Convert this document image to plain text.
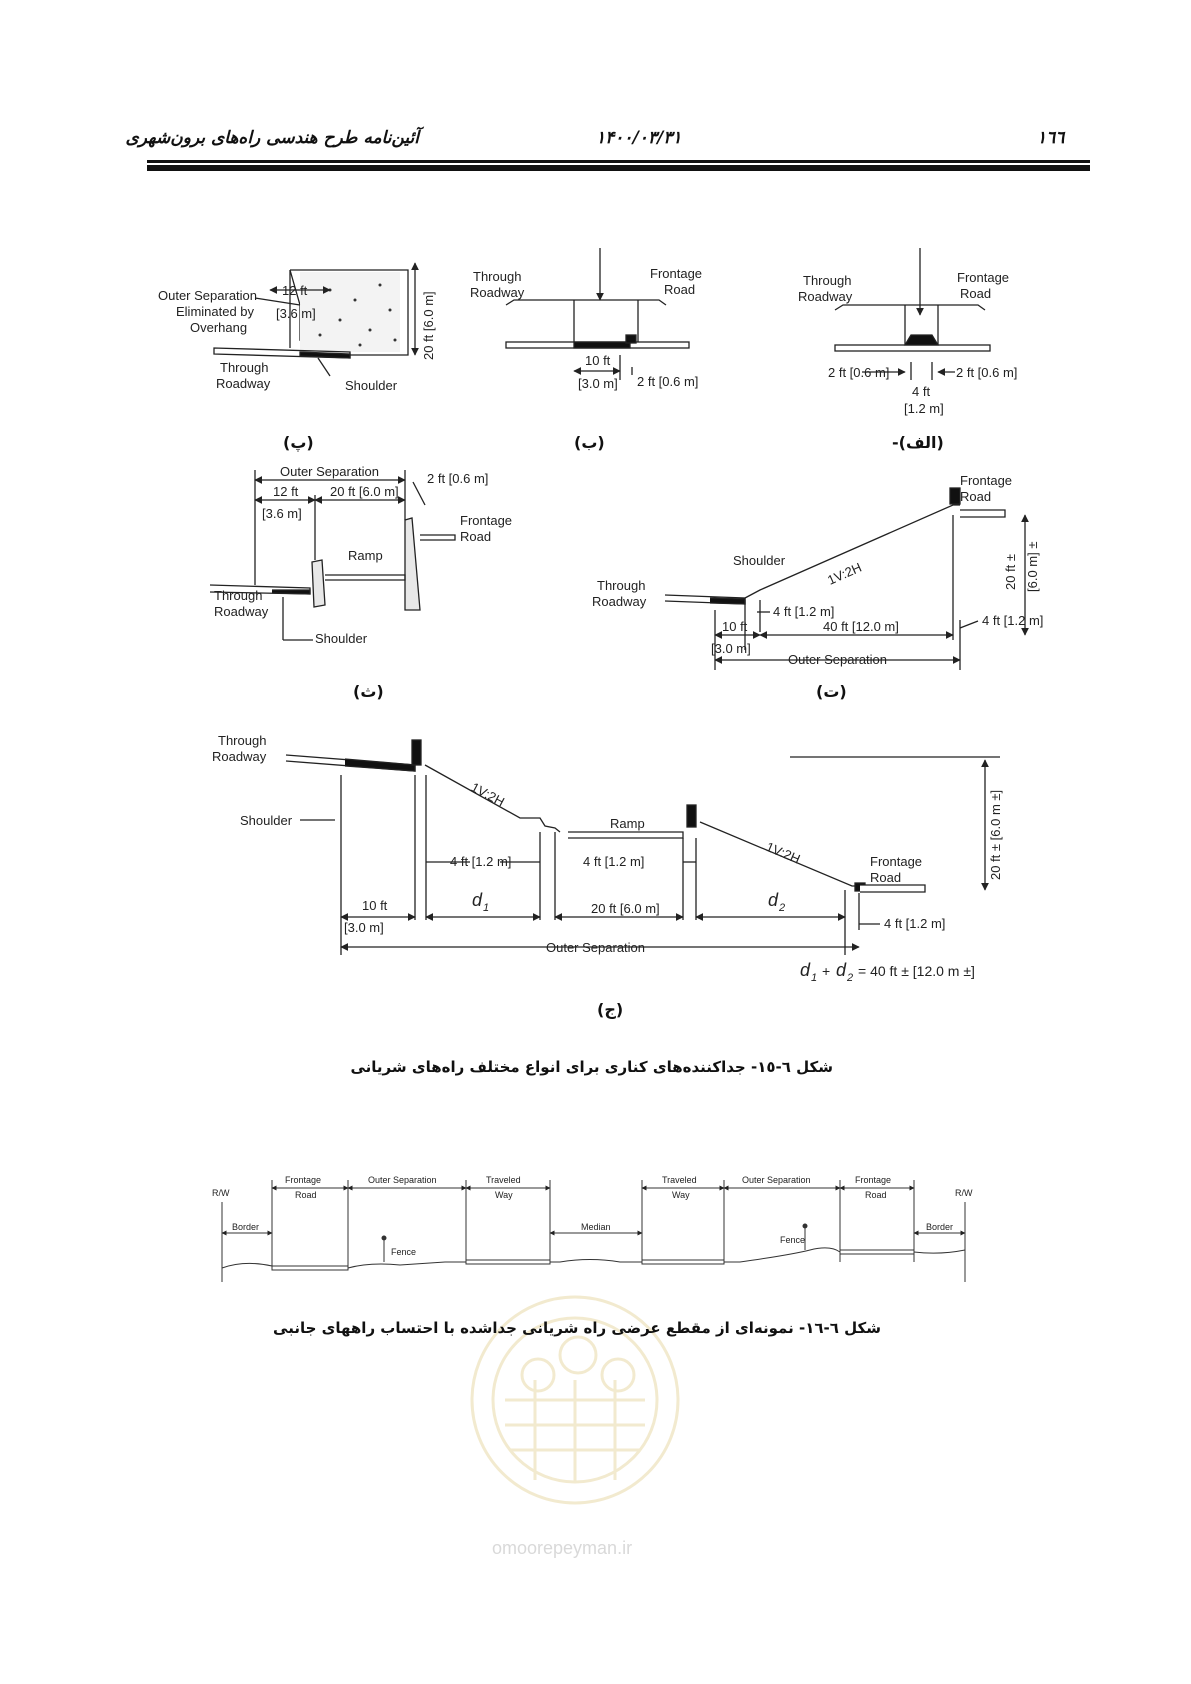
١٦٦
۱۴۰۰/۰۳/۳۱
آئین‌نامه طرح هندسی راه‌های برون‌شهری
omoorepeyman.ir
Outer Separation
Eliminated by
Overhang
12 ft
[3.6 m]	20 ft [6.0 m]
Through
Roadway	Shoulder
Through
Roadway
Frontage
Road
10 ft
[3.0 m] 2 ft [0.6 m]
Through
Roadway
Frontage
Road
2 ft [0.6 m]	2 ft [0.6 m]
4 ft
[1.2 m]
Outer Separation
12 ft
[3.6 m]
20 ft [6.0 m]
2 ft [0.6 m]
Frontage
Road
Ramp
Through
Roadway
Shoulder
Frontage
Road
Shoulder	1V:2H
Through
Roadway
20 ft ± [6.0 m] ±
4 ft [1.2 m]
10 ft	40 ft [12.0 m]	4 ft [1.2 m]
[3.0 m]
Outer Separation
Through
Roadway
Shoulder
1V:2H
Ramp
1V:2H	20 ft ± [6.0 m ±]
Frontage
Road
4 ft [1.2 m]	4 ft [1.2 m]
10 ft	20 ft [6.0 m]
4 ft [1.2 m]
[3.0 m]
Outer Separation
d	d
d d
1	2
1	2
+ = 40 ft ± [12.0 m ±]
(پ)	(ب)	(الف)-
(ث)	(ت)
(ج)
شکل ٦-١٥- جداکننده‌های کناری برای انواع مختلف راه‌های شریانی
R/W	R/W
Frontage
Road
Outer Separation	Traveled
Way
Traveled
Way
Outer Separation	Frontage
Road
Border	Border
Fence
Fence
Median
شکل ٦-١٦- نمونه‌ای از مقطع عرضی راه شریانی جداشده با احتساب راههای جانبی
